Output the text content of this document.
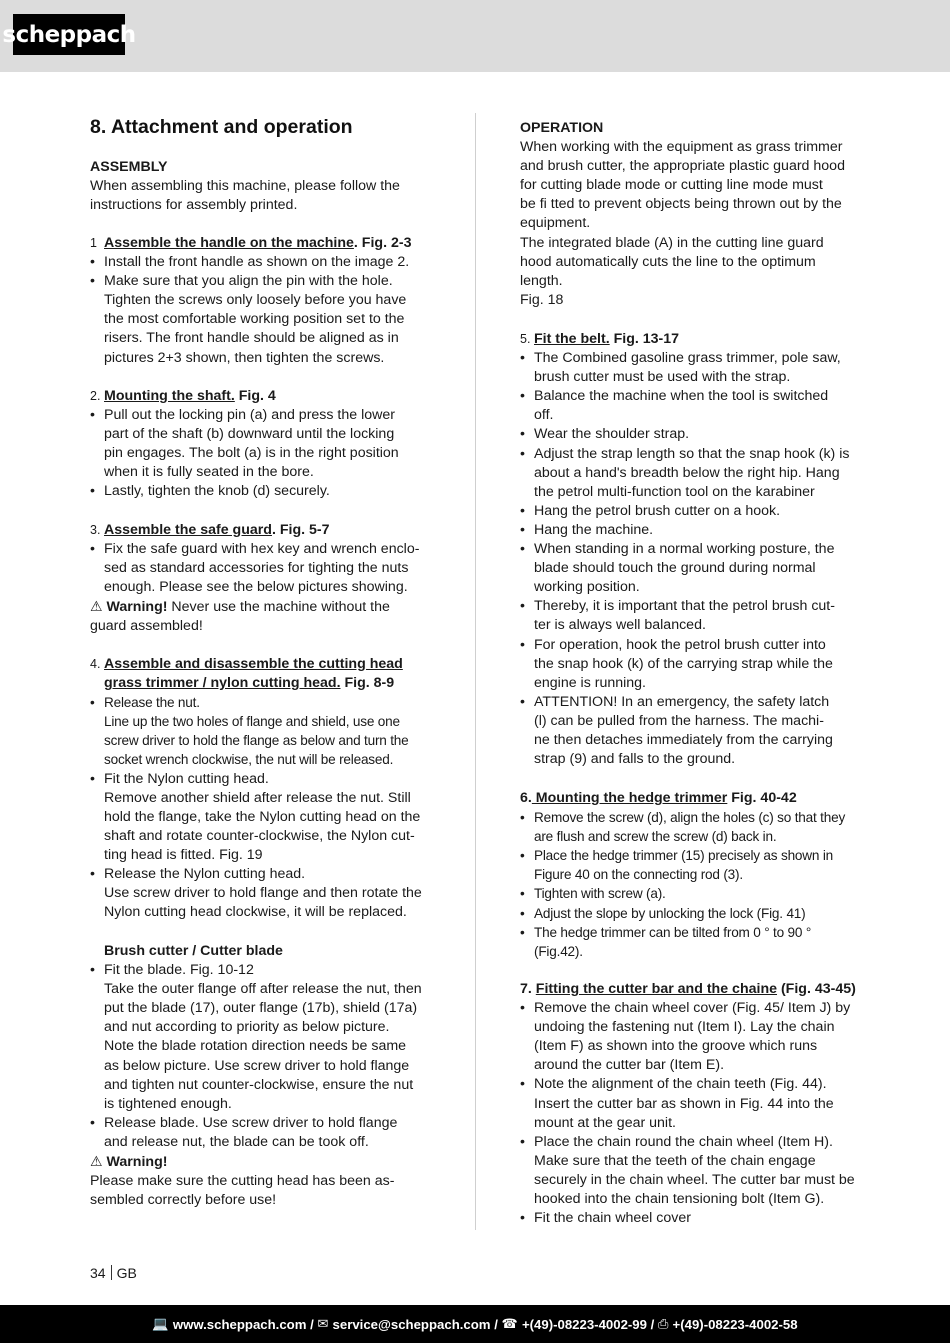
scheppach
8. Attachment and operation

ASSEMBLY

When assembling this machine, please follow the

instructions for assembly printed.

1 Assemble the handle on the machine. Fig. 2-3

• Install the front handle as shown on the image 2.

• Make sure that you align the pin with the hole.

Tighten the screws only loosely before you have

the most comfortable working position set to the

risers. The front handle should be aligned as in

pictures 2+3 shown, then tighten the screws.

2. Mounting the shaft. Fig. 4

• Pull out the locking pin (a) and press the lower

part of the shaft (b) downward until the locking

pin engages. The bolt (a) is in the right position

when it is fully seated in the bore.

• Lastly, tighten the knob (d) securely.

3. Assemble the safe guard. Fig. 5-7

• Fix the safe guard with hex key and wrench enclo-

sed as standard accessories for tighting the nuts

enough. Please see the below pictures showing.

⚠ Warning! Never use the machine without the

guard assembled!

4. Assemble and disassemble the cutting head

grass trimmer / nylon cutting head. Fig. 8-9

• Release the nut.

Line up the two holes of flange and shield, use one

screw driver to hold the flange as below and turn the

socket wrench clockwise, the nut will be released.

• Fit the Nylon cutting head.

Remove another shield after release the nut. Still

hold the flange, take the Nylon cutting head on the

shaft and rotate counter-clockwise, the Nylon cut-

ting head is fitted. Fig. 19

• Release the Nylon cutting head.

Use screw driver to hold flange and then rotate the

Nylon cutting head clockwise, it will be replaced.

Brush cutter / Cutter blade

• Fit the blade. Fig. 10-12

Take the outer flange off after release the nut, then

put the blade (17), outer flange (17b), shield (17a)

and nut according to priority as below picture.

Note the blade rotation direction needs be same

as below picture. Use screw driver to hold flange

and tighten nut counter-clockwise, ensure the nut

is tightened enough.

• Release blade. Use screw driver to hold flange

and release nut, the blade can be took off.

⚠ Warning!

Please make sure the cutting head has been as-

sembled correctly before use!

OPERATION

When working with the equipment as grass trimmer

and brush cutter, the appropriate plastic guard hood

for cutting blade mode or cutting line mode must

be fi tted to prevent objects being thrown out by the

equipment.

The integrated blade (A) in the cutting line guard

hood automatically cuts the line to the optimum

length.

Fig. 18

5. Fit the belt. Fig. 13-17

• The Combined gasoline grass trimmer, pole saw,

brush cutter must be used with the strap.

• Balance the machine when the tool is switched

off.

• Wear the shoulder strap.

• Adjust the strap length so that the snap hook (k) is

about a hand's breadth below the right hip. Hang

the petrol multi-function tool on the karabiner

• Hang the petrol brush cutter on a hook.

• Hang the machine.

• When standing in a normal working posture, the

blade should touch the ground during normal

working position.

• Thereby, it is important that the petrol brush cut-

ter is always well balanced.

• For operation, hook the petrol brush cutter into

the snap hook (k) of the carrying strap while the

engine is running.

• ATTENTION! In an emergency, the safety latch

(l) can be pulled from the harness. The machi-

ne then detaches immediately from the carrying

strap (9) and falls to the ground.

6. Mounting the hedge trimmer Fig. 40-42

• Remove the screw (d), align the holes (c) so that they

are flush and screw the screw (d) back in.

• Place the hedge trimmer (15) precisely as shown in

Figure 40 on the connecting rod (3).

• Tighten with screw (a).

• Adjust the slope by unlocking the lock (Fig. 41)

• The hedge trimmer can be tilted from 0 ° to 90 °

(Fig.42).

7. Fitting the cutter bar and the chaine (Fig. 43-45)

• Remove the chain wheel cover (Fig. 45/ Item J) by

undoing the fastening nut (Item I). Lay the chain

(Item F) as shown into the groove which runs

around the cutter bar (Item E).

• Note the alignment of the chain teeth (Fig. 44).

Insert the cutter bar as shown in Fig. 44 into the

mount at the gear unit.

• Place the chain round the chain wheel (Item H).

Make sure that the teeth of the chain engage

securely in the chain wheel. The cutter bar must be

hooked into the chain tensioning bolt (Item G).

• Fit the chain wheel cover

34 GB
💻 www.scheppach.com /
✉ service@scheppach.com /
☎ +(49)-08223-4002-99 /
⎙ +(49)-08223-4002-58
